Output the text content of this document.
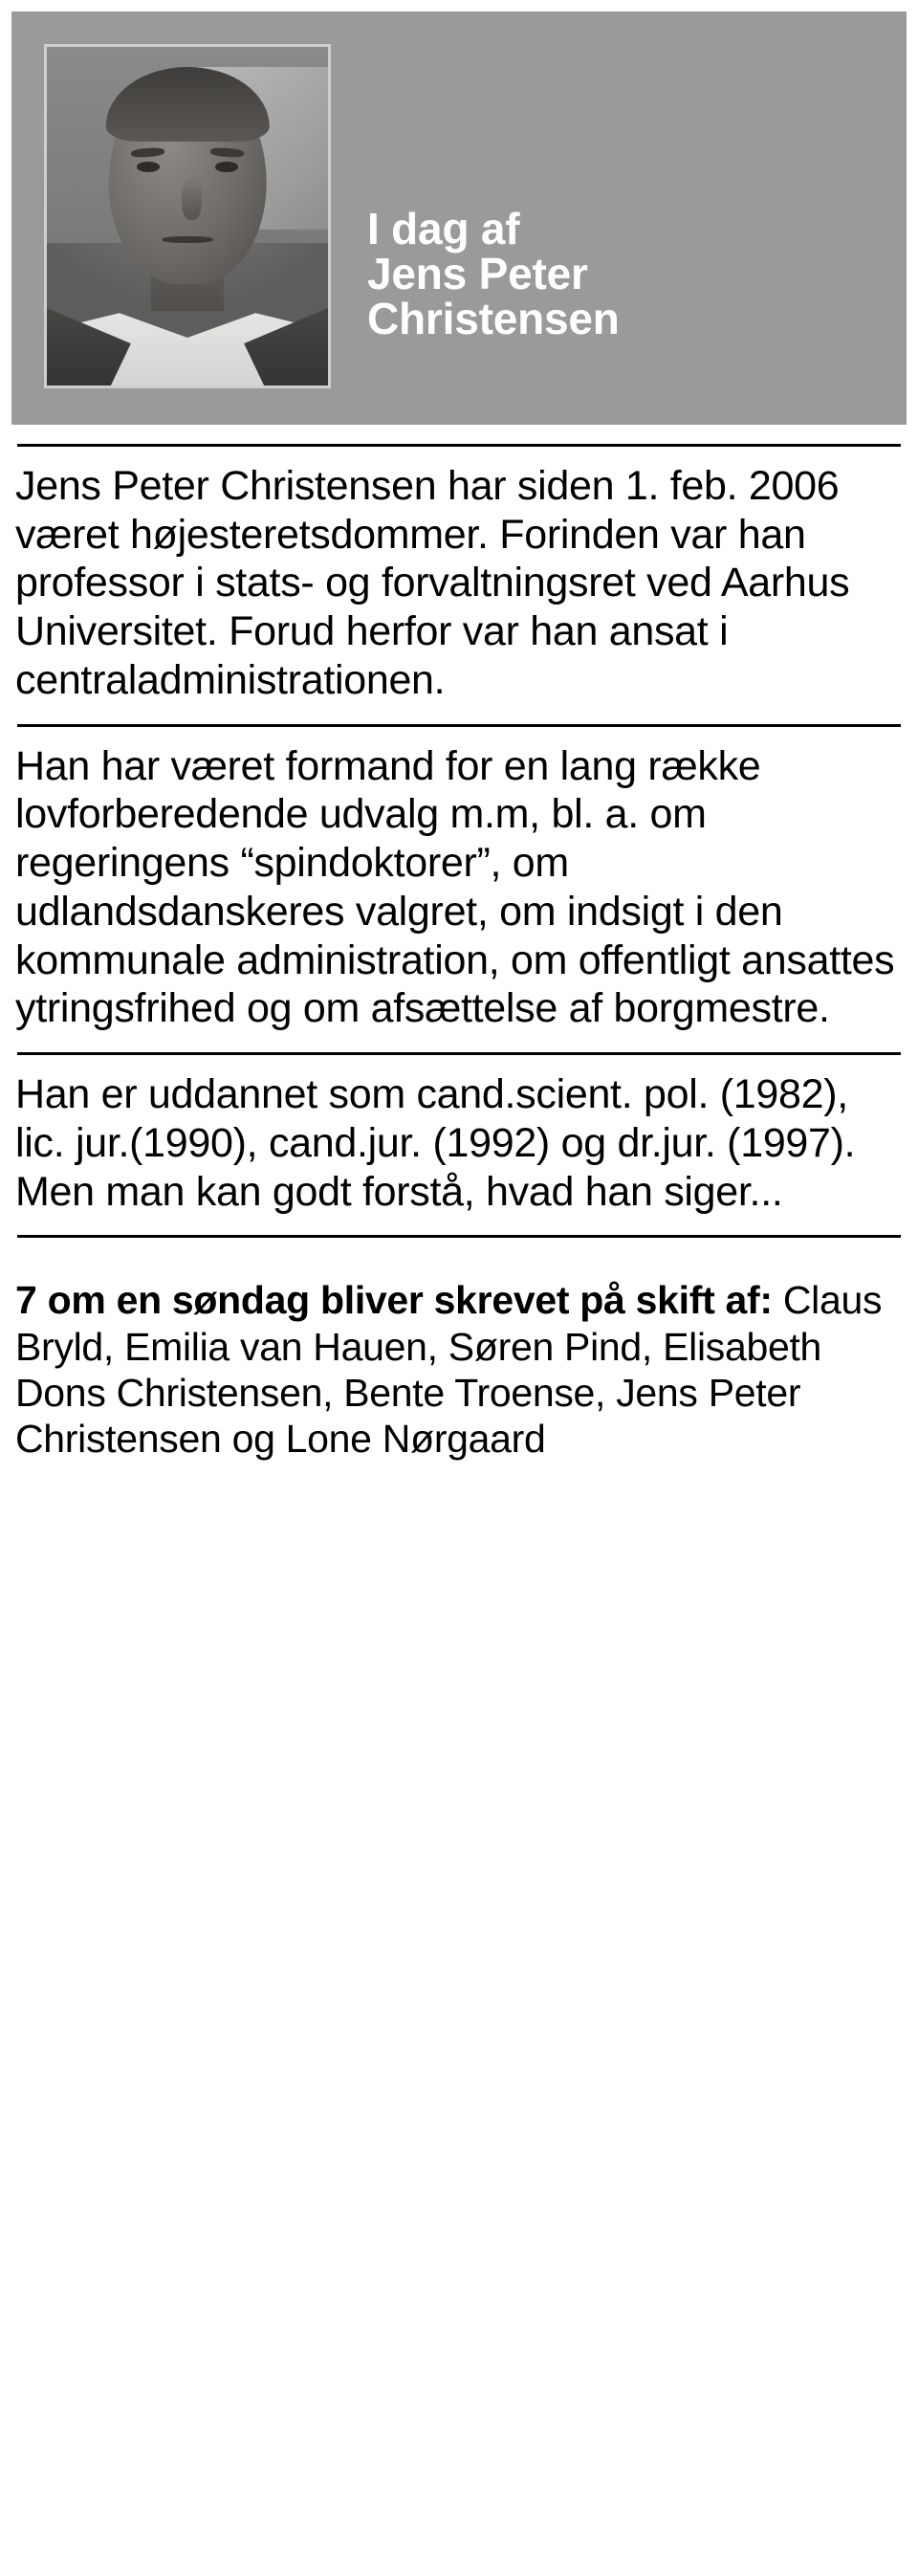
I dag af
Jens Peter
Christensen

Jens Peter Christensen har siden 1. feb. 2006 været højesteretsdommer. Forinden var han professor i stats- og forvaltningsret ved Aarhus Universitet. Forud herfor var han ansat i centraladministrationen.

Han har været formand for en lang række lovforberedende udvalg m.m, bl. a. om regeringens “spindoktorer”, om udlandsdanskeres valgret, om indsigt i den kommunale administration, om offentligt ansattes ytringsfrihed og om afsættelse af borgmestre.

Han er uddannet som cand.scient. pol. (1982), lic. jur.(1990), cand.jur. (1992) og dr.jur. (1997). Men man kan godt forstå, hvad han siger...

7 om en søndag bliver skrevet på skift af: Claus Bryld, Emilia van Hauen, Søren Pind, Elisabeth Dons Christensen, Bente Troense, Jens Peter Christensen og Lone Nørgaard
